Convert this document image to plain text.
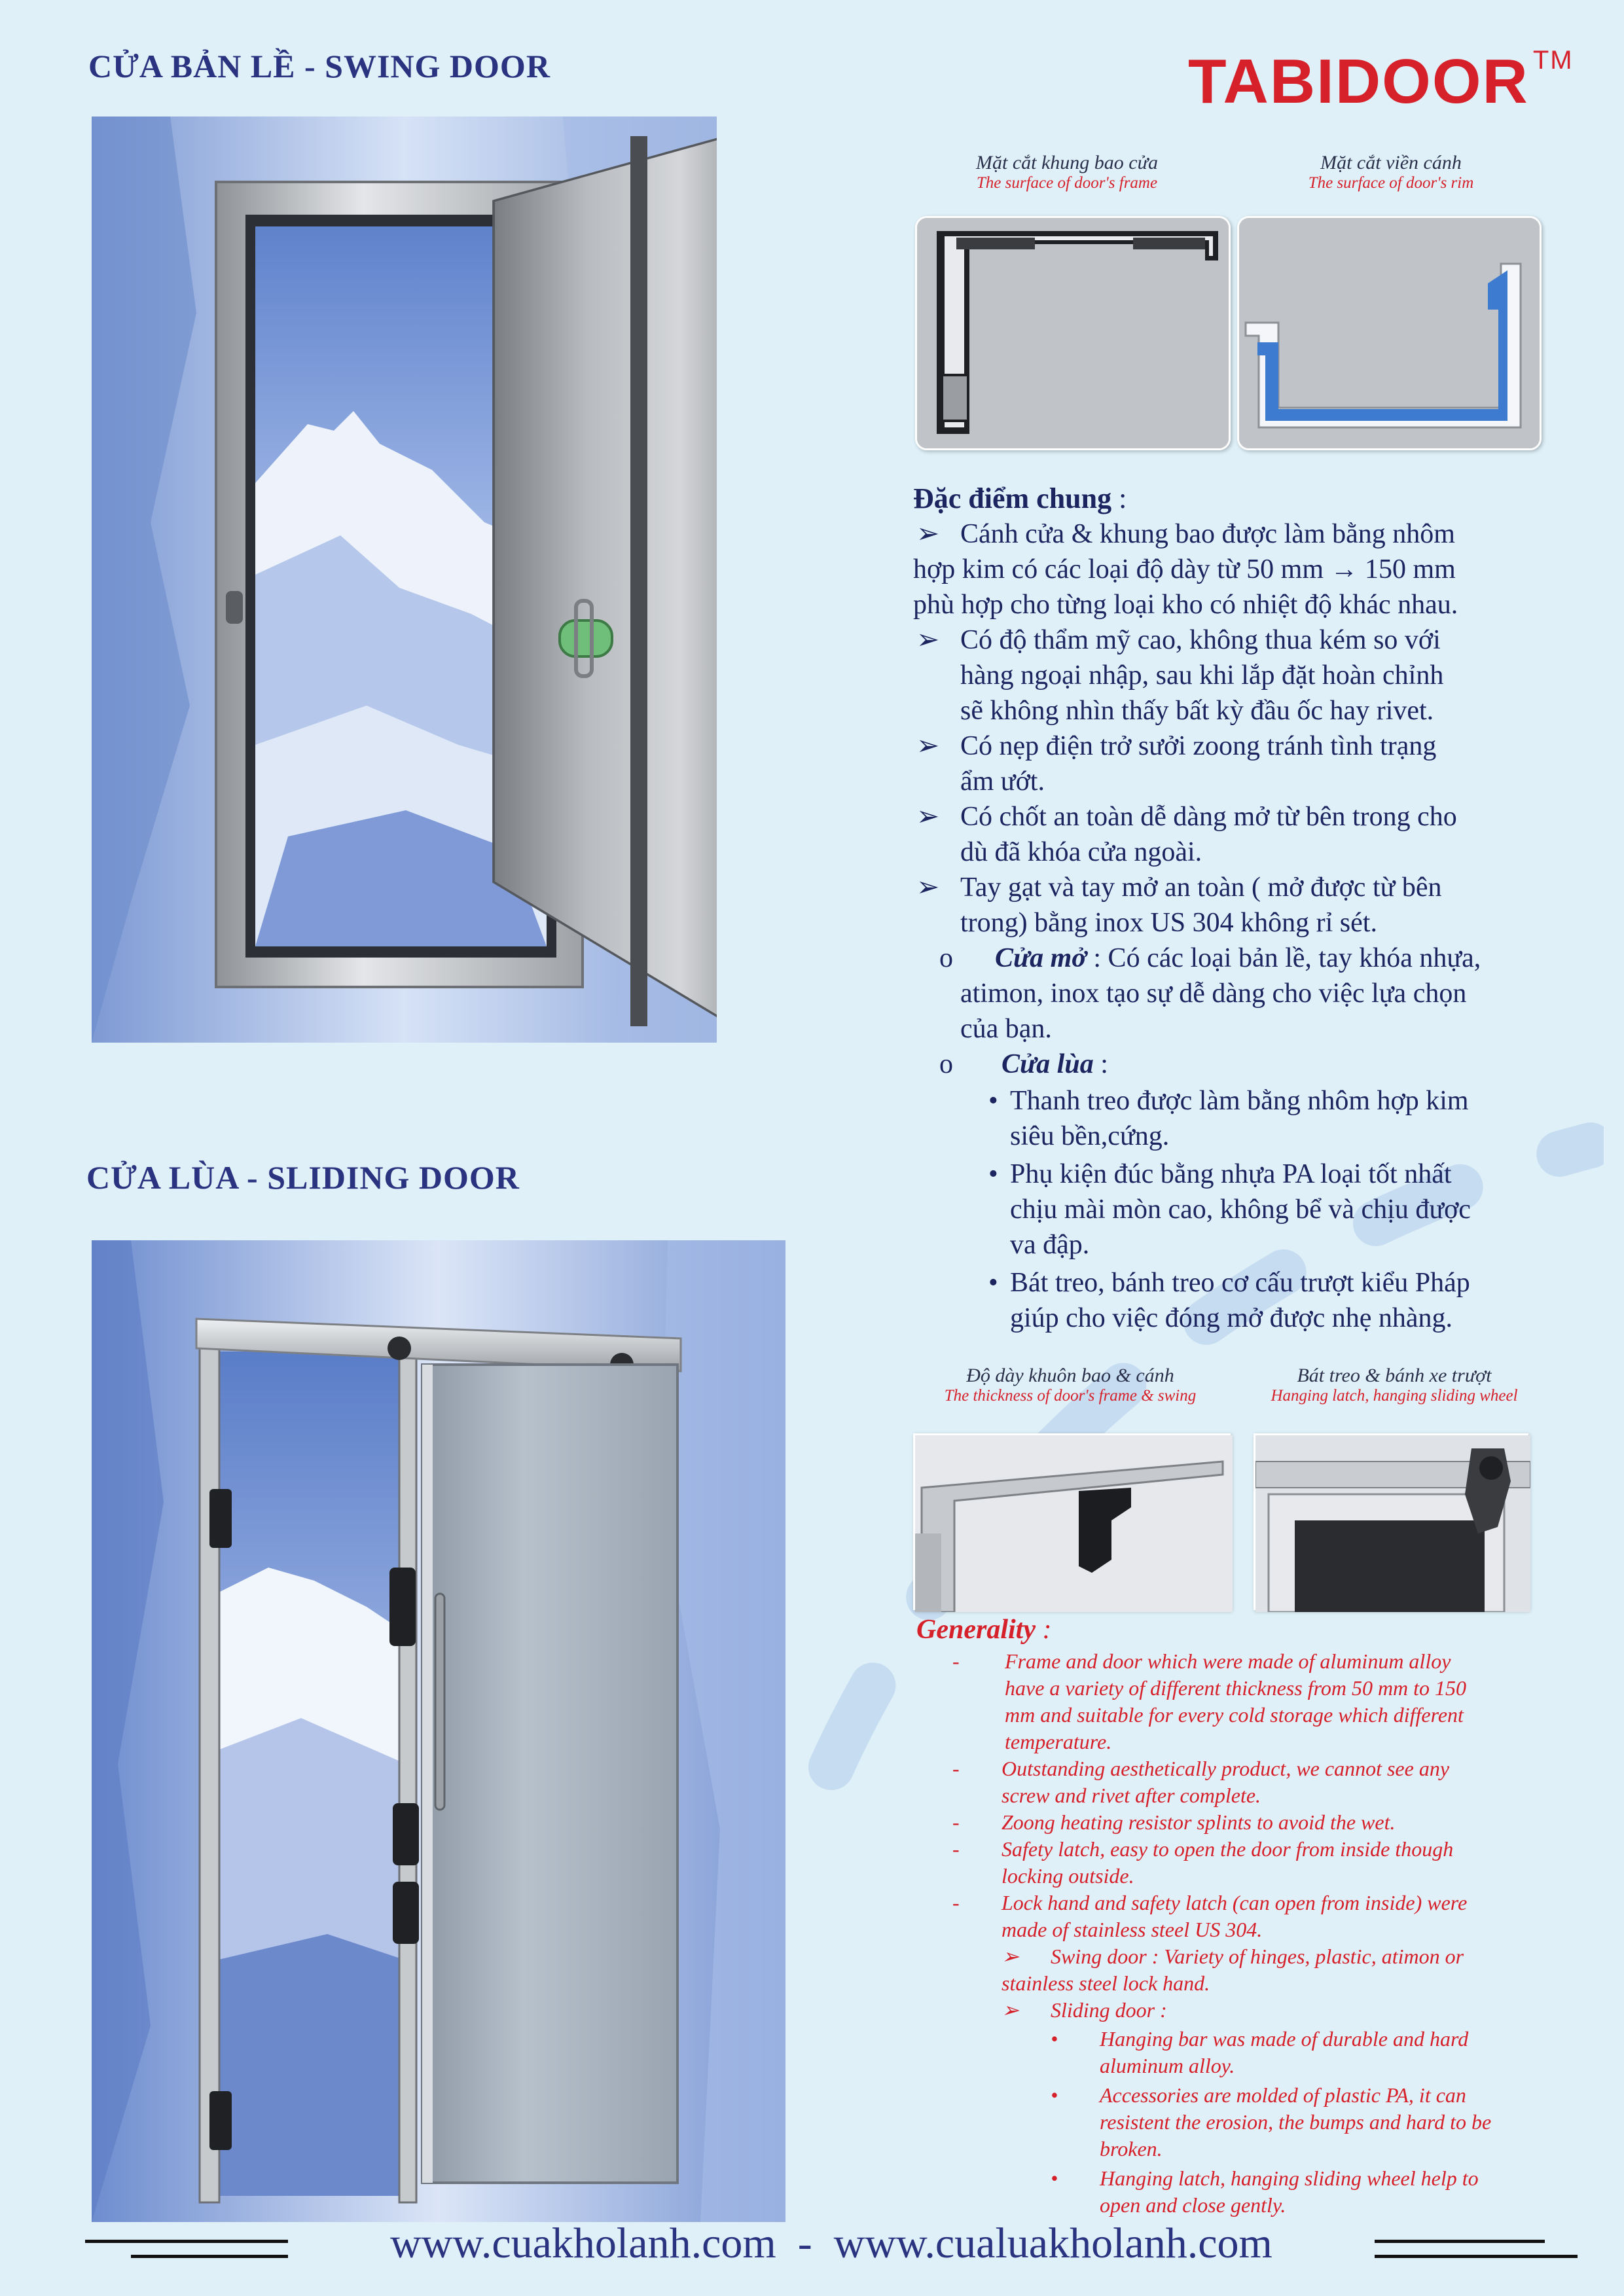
CỬA BẢN LỀ - SWING DOOR	TABIDOOR ™
CỬA LÙA - SLIDING DOOR
Mặt cắt khung bao cửa
The surface of door's frame
Mặt cắt viền cánh
The surface of door's rim
Đặc điểm chung :
➢ Cánh cửa & khung bao được làm bằng nhôm
hợp kim có các loại độ dày từ 50 mm → 150 mm
phù hợp cho từng loại kho có nhiệt độ khác nhau.
➢ Có độ thẩm mỹ cao, không thua kém so với
hàng ngoại nhập, sau khi lắp đặt hoàn chỉnh
sẽ không nhìn thấy bất kỳ đầu ốc hay rivet.
➢ Có nẹp điện trở sưởi zoong tránh tình trạng
ẩm ướt.
➢ Có chốt an toàn dễ dàng mở từ bên trong cho
dù đã khóa cửa ngoài.
➢ Tay gạt và tay mở an toàn ( mở được từ bên
trong) bằng inox US 304 không rỉ sét.
o Cửa mở : Có các loại bản lề, tay khóa nhựa,
atimon, inox tạo sự dễ dàng cho việc lựa chọn
của bạn.
o Cửa lùa :
• Thanh treo được làm bằng nhôm hợp kim
siêu bền,cứng.
• Phụ kiện đúc bằng nhựa PA loại tốt nhất
chịu mài mòn cao, không bể và chịu được
va đập.
• Bát treo, bánh treo cơ cấu trượt kiểu Pháp
giúp cho việc đóng mở được nhẹ nhàng.
Độ dày khuôn bao & cánh
The thickness of door's frame & swing
Bát treo & bánh xe trượt
Hanging latch, hanging sliding wheel
Generality :
- Frame and door which were made of aluminum alloy
have a variety of different thickness from 50 mm to 150
mm and suitable for every cold storage which different
temperature.
- Outstanding aesthetically product, we cannot see any
screw and rivet after complete.
- Zoong heating resistor splints to avoid the wet.
- Safety latch, easy to open the door from inside though
locking outside.
- Lock hand and safety latch (can open from inside) were
made of stainless steel US 304.
➢ Swing door : Variety of hinges, plastic, atimon or
stainless steel lock hand.
➢ Sliding door :
• Hanging bar was made of durable and hard
aluminum alloy.
• Accessories are molded of plastic PA, it can
resistent the erosion, the bumps and hard to be
broken.
• Hanging latch, hanging sliding wheel help to
open and close gently.
www.cuakholanh.com  -  www.cualuakholanh.com
